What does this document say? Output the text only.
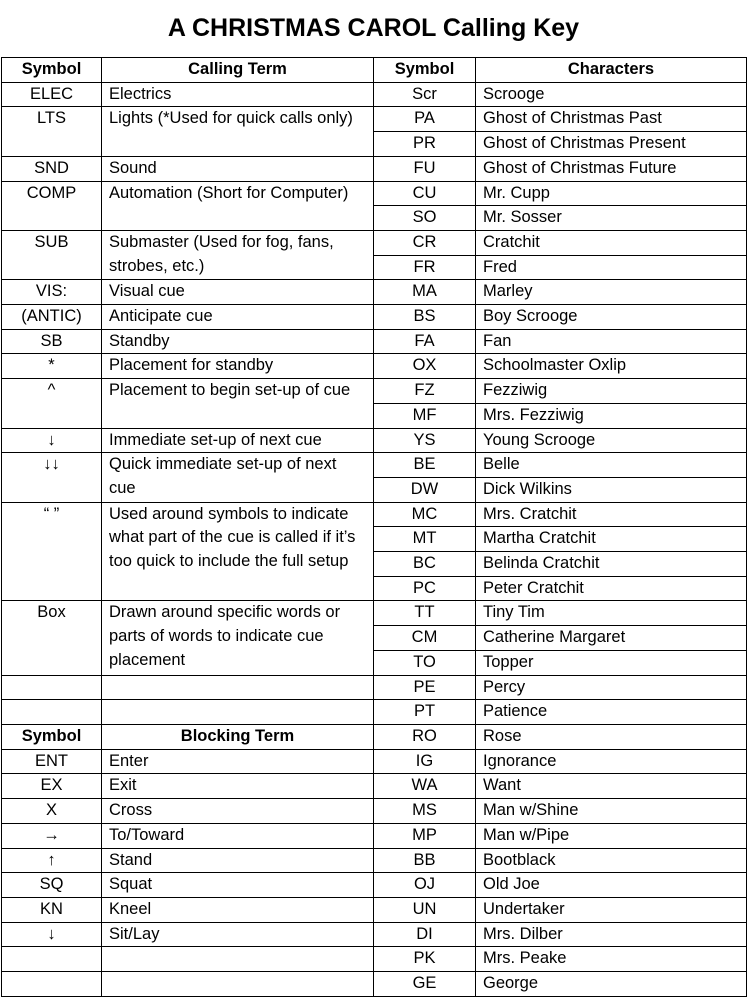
A CHRISTMAS CAROL Calling Key
Symbol	Calling Term	Symbol	Characters
ELEC	Electrics	Scr	Scrooge
LTS	Lights (*Used for quick calls only)	PA	Ghost of Christmas Past
		PR	Ghost of Christmas Present
SND	Sound	FU	Ghost of Christmas Future
COMP	Automation (Short for Computer)	CU	Mr. Cupp
		SO	Mr. Sosser
SUB	Submaster (Used for fog, fans, strobes, etc.)	CR	Cratchit
		FR	Fred
VIS:	Visual cue	MA	Marley
(ANTIC)	Anticipate cue	BS	Boy Scrooge
SB	Standby	FA	Fan
*	Placement for standby	OX	Schoolmaster Oxlip
^	Placement to begin set-up of cue	FZ	Fezziwig
		MF	Mrs. Fezziwig
↓	Immediate set-up of next cue	YS	Young Scrooge
↓↓	Quick immediate set-up of next cue	BE	Belle
		DW	Dick Wilkins
“ ”	Used around symbols to indicate what part of the cue is called if it’s too quick to include the full setup	MC	Mrs. Cratchit
		MT	Martha Cratchit
		BC	Belinda Cratchit
		PC	Peter Cratchit
Box	Drawn around specific words or parts of words to indicate cue placement	TT	Tiny Tim
		CM	Catherine Margaret
		TO	Topper
		PE	Percy
		PT	Patience
Symbol	Blocking Term	RO	Rose
ENT	Enter	IG	Ignorance
EX	Exit	WA	Want
X	Cross	MS	Man w/Shine
→	To/Toward	MP	Man w/Pipe
↑	Stand	BB	Bootblack
SQ	Squat	OJ	Old Joe
KN	Kneel	UN	Undertaker
↓	Sit/Lay	DI	Mrs. Dilber
		PK	Mrs. Peake
		GE	George
